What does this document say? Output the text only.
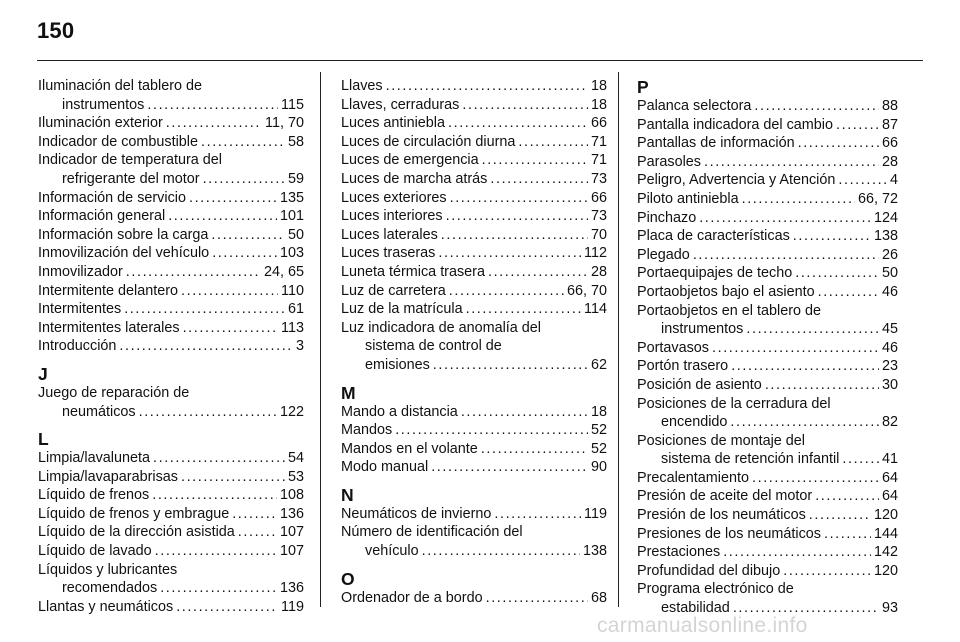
150
Iluminación del tablero de
instrumentos . . .	115
Iluminación exterior . . .	11, 70
Indicador de combustible . . .	58
Indicador de temperatura del
refrigerante del motor . . .	59
Información de servicio . . .	135
Información general . . .	101
Información sobre la carga . . .	50
Inmovilización del vehículo . . .	103
Inmovilizador . . .	24, 65
Intermitente delantero . . .	110
Intermitentes . . .	61
Intermitentes laterales . . .	113
Introducción . . .	3
J
Juego de reparación de
neumáticos . . .	122
L
Limpia/lavaluneta . . .	54
Limpia/lavaparabrisas . . .	53
Líquido de frenos . . .	108
Líquido de frenos y embrague . . .	136
Líquido de la dirección asistida . . .	107
Líquido de lavado . . .	107
Líquidos y lubricantes
recomendados . . .	136
Llantas y neumáticos . . .	119
Llaves . . .	18
Llaves, cerraduras . . .	18
Luces antiniebla . . .	66
Luces de circulación diurna . . .	71
Luces de emergencia . . .	71
Luces de marcha atrás . . .	73
Luces exteriores . . .	66
Luces interiores . . .	73
Luces laterales . . .	70
Luces traseras . . .	112
Luneta térmica trasera . . .	28
Luz de carretera . . .	66, 70
Luz de la matrícula . . .	114
Luz indicadora de anomalía del
sistema de control de
emisiones . . .	62
M
Mando a distancia . . .	18
Mandos . . .	52
Mandos en el volante . . .	52
Modo manual . . .	90
N
Neumáticos de invierno . . .	119
Número de identificación del
vehículo . . .	138
O
Ordenador de a bordo . . .	68
P
Palanca selectora . . .	88
Pantalla indicadora del cambio . . .	87
Pantallas de información . . .	66
Parasoles . . .	28
Peligro, Advertencia y Atención . . .	4
Piloto antiniebla . . .	66, 72
Pinchazo . . .	124
Placa de características . . .	138
Plegado . . .	26
Portaequipajes de techo . . .	50
Portaobjetos bajo el asiento . . .	46
Portaobjetos en el tablero de
instrumentos . . .	45
Portavasos . . .	46
Portón trasero . . .	23
Posición de asiento . . .	30
Posiciones de la cerradura del
encendido . . .	82
Posiciones de montaje del
sistema de retención infantil . . .	41
Precalentamiento . . .	64
Presión de aceite del motor . . .	64
Presión de los neumáticos . . .	120
Presiones de los neumáticos . . .	144
Prestaciones . . .	142
Profundidad del dibujo . . .	120
Programa electrónico de
estabilidad . . .	93
carmanualsonline.info
